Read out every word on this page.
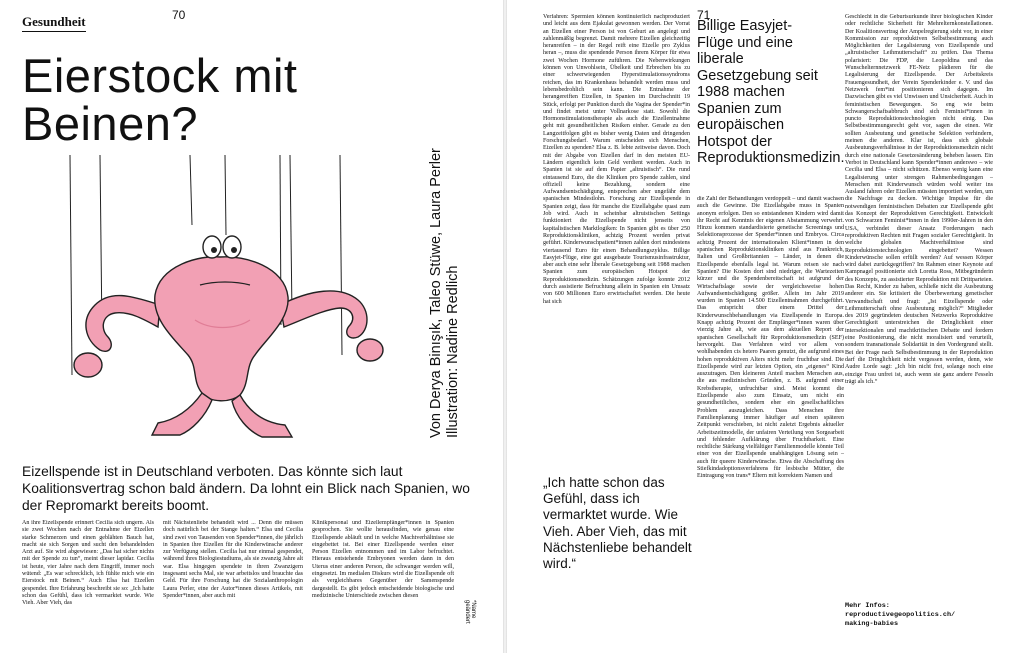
Gesundheit	70
Eierstock mit
Beinen?
Von Derya Binışık, Taleo Stüwe, Laura Perler Illustration: Nadine Redlich
Eizellspende ist in Deutschland verboten. Das könnte sich laut Koalitionsvertrag schon bald ändern. Da lohnt ein Blick nach Spanien, wo der Repromarkt bereits boomt.

An ihre Eizellspende erinnert Cecilia sich ungern. Als sie zwei Wochen nach der Entnahme der Eizellen starke Schmerzen und einen geblähten Bauch hat, macht sie sich Sorgen und sucht den behandelnden Arzt auf. Sie wird abgewiesen: „Das hat sicher nichts mit der Spende zu tun“, meint dieser lapidar. Cecilia ist heute, vier Jahre nach dem Eingriff, immer noch wütend: „Es war schrecklich, ich fühlte mich wie ein Eierstock mit Beinen.“ Auch Elsa hat Eizellen gespendet. Ihre Erfahrung beschreibt sie so: „Ich hatte schon das Gefühl, dass ich vermarktet wurde. Wie Vieh. Aber Vieh, das

mit Nächstenliebe behandelt wird ... Denn die müssen doch natürlich bei der Stange halten.“ Elsa und Cecilia sind zwei von Tausenden von Spender*innen, die jährlich in Spanien ihre Eizellen für die Kinderwünsche anderer zur Verfügung stellen. Cecilia hat nur einmal gespendet, während ihres Biologiestudiums, als sie zwanzig Jahre alt war. Elsa hingegen spendete in ihren Zwanzigern insgesamt sechs Mal, sie war arbeitslos und brauchte das Geld. Für ihre Forschung hat die Sozialanthropologin Laura Perler, eine der Autor*innen dieses Artikels, mit Spender*innen, aber auch mit

Klinikpersonal und Eizellempfänger*innen in Spanien gesprochen. Sie wollte herausfinden, wie genau eine Eizellspende abläuft und in welche Machtverhältnisse sie eingebettet ist. Bei einer Eizellspende werden einer Person Eizellen entnommen und im Labor befruchtet. Hieraus entstehende Embryonen werden dann in den Uterus einer anderen Person, die schwanger werden will, eingesetzt. Im medialen Diskurs wird die Eizellspende oft als vergleichbares Gegenüber der Samenspende dargestellt. Es gibt jedoch entscheidende biologische und medizinische Unterschiede zwischen diesen

*Name geändert
71

Verfahren: Spermien können kontinuierlich nachproduziert und leicht aus dem Ejakulat gewonnen werden. Der Vorrat an Eizellen einer Person ist von Geburt an angelegt und zahlenmäßig begrenzt. Damit mehrere Eizellen gleichzeitig heranreifen – in der Regel reift eine Eizelle pro Zyklus heran –, muss die spendende Person ihrem Körper für etwa zwei Wochen Hormone zuführen. Die Nebenwirkungen können von Unwohlsein, Übelkeit und Erbrechen bis zu einer schwerwiegenden Hyperstimulationssyndroms reichen, das im Krankenhaus behandelt werden muss und lebensbedrohlich sein kann. Die Entnahme der herangereiften Eizellen, in Spanien im Durchschnitt 19 Stück, erfolgt per Punktion durch die Vagina der Spender*in und findet meist unter Vollnarkose statt. Sowohl die Hormonstimulationstherapie als auch die Eizellentnahme geht mit gesundheitlichen Risiken einher. Gerade zu den Langzeitfolgen gibt es bisher wenig Daten und dringenden Forschungsbedarf. Warum entscheiden sich Menschen, Eizellen zu spenden? Elsa z. B. lebte zeitweise davon. Doch mit der Abgabe von Eizellen darf in den meisten EU-Ländern eigentlich kein Geld verdient werden. Auch in Spanien ist sie auf dem Papier „altruistisch“. Die rund eintausend Euro, die die Kliniken pro Spende zahlen, sind offiziell keine Bezahlung, sondern eine Aufwandsentschädigung, entsprechen aber ungefähr dem spanischen Mindestlohn. Forschung zur Eizellspende in Spanien zeigt, dass für manche die Eizellabgabe quasi zum Job wird. Auch in scheinbar altruistischen Settings funktioniert die Eizellspende nicht jenseits von kapitalistischen Marktlogiken: In Spanien gibt es über 250 Reproduktionskliniken, achtzig Prozent werden privat geführt. Kinderwunschpatient*innen zahlen dort mindestens viertausend Euro für einen Behandlungszyklus. Billige Easyjet-Flüge, eine gut ausgebaute Tourismusinfrastruktur, aber auch eine sehr liberale Gesetzgebung seit 1988 machen Spanien zum europäischen Hotspot der Reproduktionsmedizin. Schätzungen zufolge konnte 2012 durch assistierte Befruchtung allein in Spanien ein Umsatz von 600 Millionen Euro erwirtschaftet werden. Die heute hat sich

Billige Easyjet-Flüge und eine liberale Gesetzgebung seit 1988 machen Spanien zum europäischen Hotspot der Reproduktionsmedizin.

die Zahl der Behandlungen verdoppelt – und damit wachsen auch die Gewinne. Die Eizellabgabe muss in Spanien anonym erfolgen. Den so entstandenen Kindern wird damit ihr Recht auf Kenntnis der eigenen Abstammung verwehrt. Hinzu kommen standardisierte genetische Screenings und Selektionsprozesse der Spender*innen und Embryos. Circa achtzig Prozent der internationalen Klient*innen in den spanischen Reproduktionskliniken sind aus Frankreich, Italien und Großbritannien – Länder, in denen die Eizellspende ebenfalls legal ist. Warum reisen sie nach Spanien? Die Kosten dort sind niedriger, die Wartezeiten kürzer und die Spendenbereitschaft ist aufgrund der Wirtschaftslage sowie der vergleichsweise hohen Aufwandsentschädigung größer. Allein im Jahr 2019 wurden in Spanien 14.500 Eizellentnahmen durchgeführt. Das entspricht über einem Drittel der Kinderwunschbehandlungen via Eizellspende in Europa. Knapp achtzig Prozent der Empfänger*innen waren über vierzig Jahre alt, wie aus dem aktuellen Report der spanischen Gesellschaft für Reproduktionsmedizin (SEF) hervorgeht. Das Verfahren wird vor allem von wohlhabenden cis hetero Paaren genutzt, die aufgrund eines hohen reproduktiven Alters nicht mehr fruchtbar sind. Die Eizellspende wird zur letzten Option, ein „eigenes“ Kind auszutragen. Den kleineren Anteil machen Menschen aus, die aus medizinischen Gründen, z. B. aufgrund einer Krebstherapie, unfruchtbar sind. Meist kommt die Eizellspende also zum Einsatz, um nicht ein gesundheitliches, sondern eher ein gesellschaftliches Problem auszugleichen. Dass Menschen ihre Familienplanung immer häufiger auf einen späteren Zeitpunkt verschieben, ist nicht zuletzt Ergebnis aktueller Arbeitszeitmodelle, der unfairen Verteilung von Sorgearbeit und fehlender Aufklärung über Fruchtbarkeit. Eine rechtliche Stärkung vielfältiger Familienmodelle könnte Teil einer von der Eizellspende unabhängigen Lösung sein – auch für queere Kinderwünsche. Etwa die Abschaffung des Stiefkindadoptionsverfahrens für lesbische Mütter, die Eintragung von trans* Eltern mit korrektem Namen und

Geschlecht in die Geburtsurkunde ihrer biologischen Kinder oder rechtliche Sicherheit für Mehrelternkonstellationen. Der Koalitionsvertrag der Ampelregierung sieht vor, in einer Kommission zur reproduktiven Selbstbestimmung auch Möglichkeiten der Legalisierung von Eizellspende und „altruistischer Leihmutterschaft“ zu prüfen. Das Thema polarisiert: Die FDP, die Leopoldina und das Wunschelternnetzwerk FE-Netz plädieren für die Legalisierung der Eizellspende. Der Arbeitskreis Frauengesundheit, der Verein Spenderkinder e. V. und das Netzwerk fem*ini positionieren sich dagegen. Im Dazwischen gibt es viel Unwissen und Unsicherheit. Auch in feministischen Bewegungen. So eng wie beim Schwangerschaftsabbruch sind sich Feminist*innen in puncto Reproduktionstechnologien nicht einig. Das Selbstbestimmungsrecht geht vor, sagen die einen. Wir sollten Ausbeutung und genetische Selektion verhindern, meinen die anderen. Klar ist, dass sich globale Ausbeutungsverhältnisse in der Reproduktionsmedizin nicht durch eine nationale Gesetzesänderung beheben lassen. Ein Verbot in Deutschland kann Spender*innen anderswo – wie Cecilia und Elsa – nicht schützen. Ebenso wenig kann eine Legalisierung unter strengen Rahmenbedingungen – Menschen mit Kinderwunsch würden wohl weiter ins Ausland fahren oder Eizellen müssten importiert werden, um die Nachfrage zu decken. Wichtige Impulse für die notwendigen feministischen Debatten zur Eizellspende gibt das Konzept der Reproduktiven Gerechtigkeit. Entwickelt von Schwarzen Feminist*innen in den 1990er-Jahren in den USA, verbindet dieser Ansatz Forderungen nach reproduktiven Rechten mit Fragen sozialer Gerechtigkeit. In welche globalen Machtverhältnisse sind Reproduktionstechnologien eingebettet? Wessen Kinderwünsche sollen erfüllt werden? Auf wessen Körper wird dabei zurückgegriffen? Im Rahmen einer Keynote auf Kampnagel positionierte sich Loretta Ross, Mitbegründerin des Konzepts, zu assistierter Reproduktion mit Drittparteien. Das Recht, Kinder zu haben, schließe nicht die Ausbeutung anderer ein. Sie kritisiert die Überbewertung genetischer Verwandtschaft und fragt: „Ist Eizellspende oder Leihmutterschaft ohne Ausbeutung möglich?“ Mitglieder des 2019 gegründeten deutschen Netzwerks Reproduktive Gerechtigkeit unterstreichen die Dringlichkeit einer intersektionalen und machtkritischen Debatte und fordern eine Positionierung, die nicht moralisiert und verurteilt, sondern transnationale Solidarität in den Vordergrund stellt. Bei der Frage nach Selbstbestimmung in der Reproduktion darf die Dringlichkeit nicht vergessen werden, denn, wie Audre Lorde sagt: „Ich bin nicht frei, solange noch eine einzige Frau unfrei ist, auch wenn sie ganz andere Fesseln trägt als ich.“

Mehr Infos:
reproductivegeopolitics.ch/
making-babies
„Ich hatte schon das Gefühl, dass ich vermarktet wurde. Wie Vieh. Aber Vieh, das mit Nächstenliebe behandelt wird.“
